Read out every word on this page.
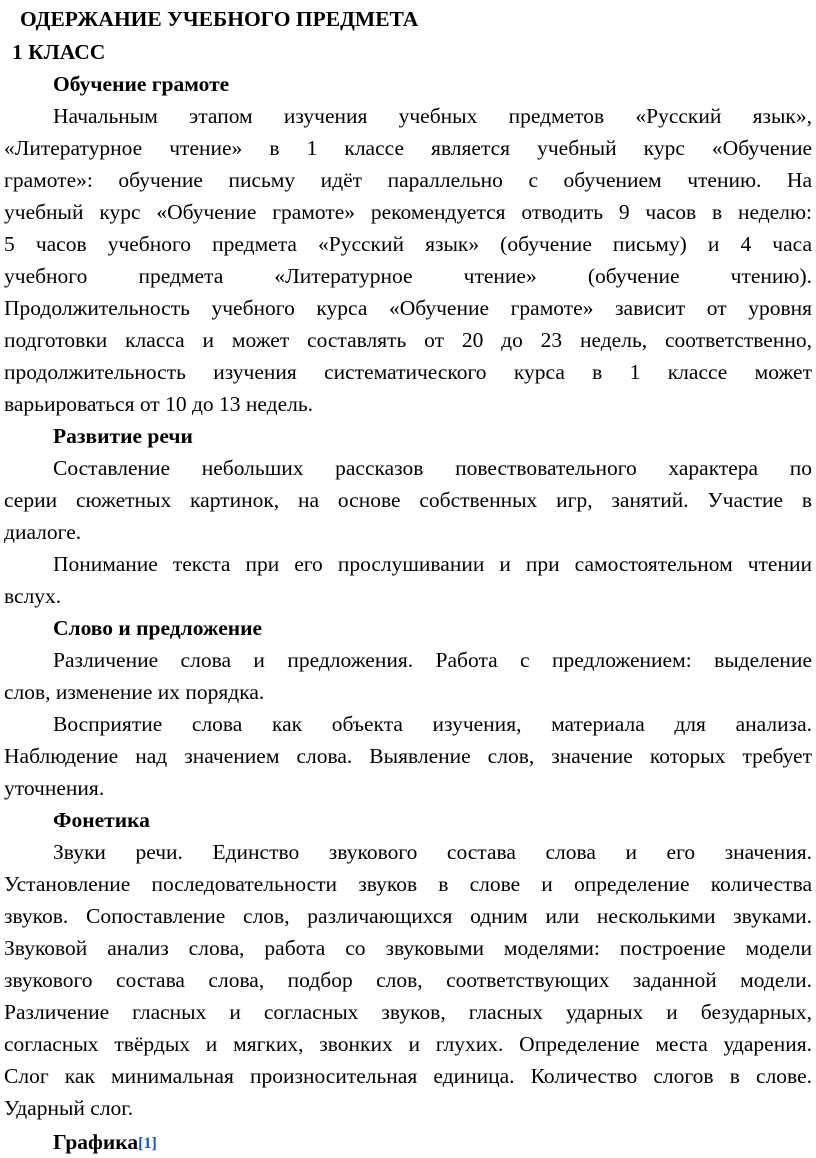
ОДЕРЖАНИЕ УЧЕБНОГО ПРЕДМЕТА
1 КЛАСС
Обучение грамоте
Начальным этапом изучения учебных предметов «Русский язык»,
«Литературное чтение» в 1 классе является учебный курс «Обучение
грамоте»: обучение письму идёт параллельно с обучением чтению. На
учебный курс «Обучение грамоте» рекомендуется отводить 9 часов в неделю:
5 часов учебного предмета «Русский язык» (обучение письму) и 4 часа
учебного предмета «Литературное чтение» (обучение чтению).
Продолжительность учебного курса «Обучение грамоте» зависит от уровня
подготовки класса и может составлять от 20 до 23 недель, соответственно,
продолжительность изучения систематического курса в 1 классе может
варьироваться от 10 до 13 недель.
Развитие речи
Составление небольших рассказов повествовательного характера по
серии сюжетных картинок, на основе собственных игр, занятий. Участие в
диалоге.
Понимание текста при его прослушивании и при самостоятельном чтении
вслух.
Слово и предложение
Различение слова и предложения. Работа с предложением: выделение
слов, изменение их порядка.
Восприятие слова как объекта изучения, материала для анализа.
Наблюдение над значением слова. Выявление слов, значение которых требует
уточнения.
Фонетика
Звуки речи. Единство звукового состава слова и его значения.
Установление последовательности звуков в слове и определение количества
звуков. Сопоставление слов, различающихся одним или несколькими звуками.
Звуковой анализ слова, работа со звуковыми моделями: построение модели
звукового состава слова, подбор слов, соответствующих заданной модели.
Различение гласных и согласных звуков, гласных ударных и безударных,
согласных твёрдых и мягких, звонких и глухих. Определение места ударения.
Слог как минимальная произносительная единица. Количество слогов в слове.
Ударный слог.
Графика[1]
